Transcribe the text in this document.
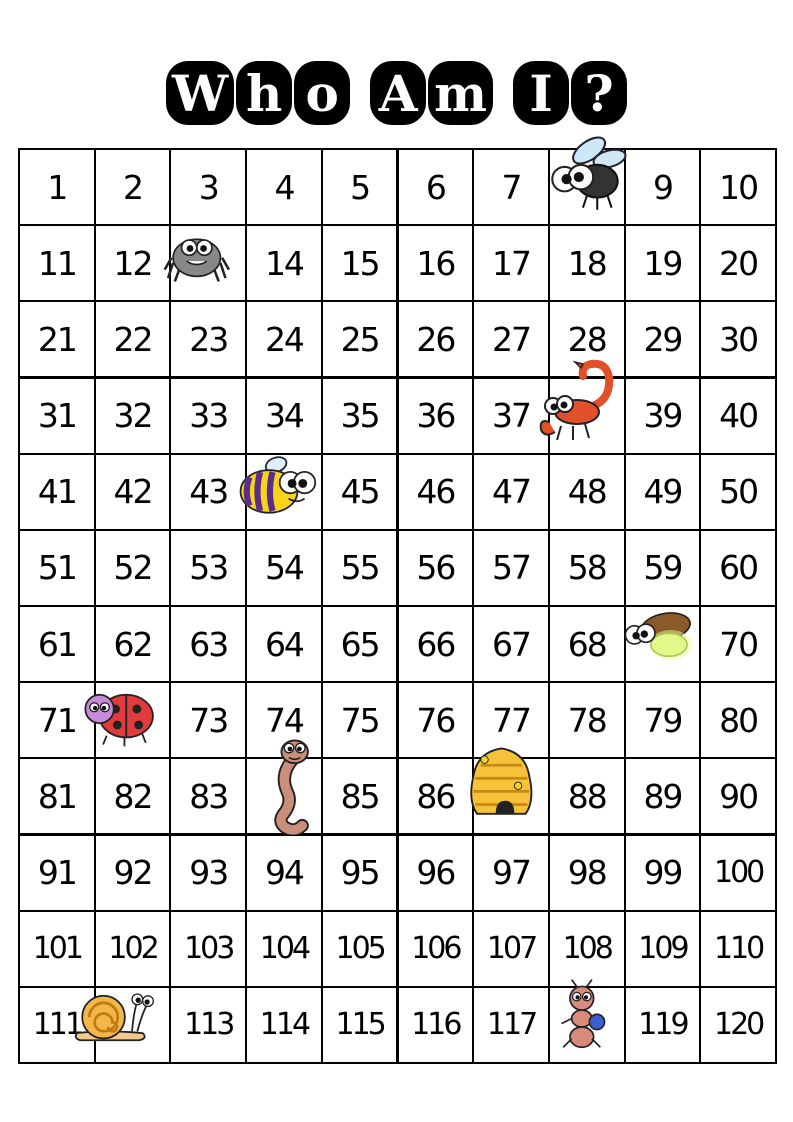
W h o A m I ?
1 2 3 4 5 6 7	9 10
11 12	14 15 16 17 18 19 20
21 22 23 24 25 26 27 28 29 30
31 32 33 34 35 36 37	39 40
41 42 43	45 46 47 48 49 50
51 52 53 54 55 56 57 58 59 60
61 62 63 64 65 66 67 68	70
71	73 74 75 76 77 78 79 80
81 82 83	85 86	88 89 90
91 92 93 94 95 96 97 98 99 100
101 102 103 104 105 106 107 108 109 110
111	113 114 115 116 117	119 120
